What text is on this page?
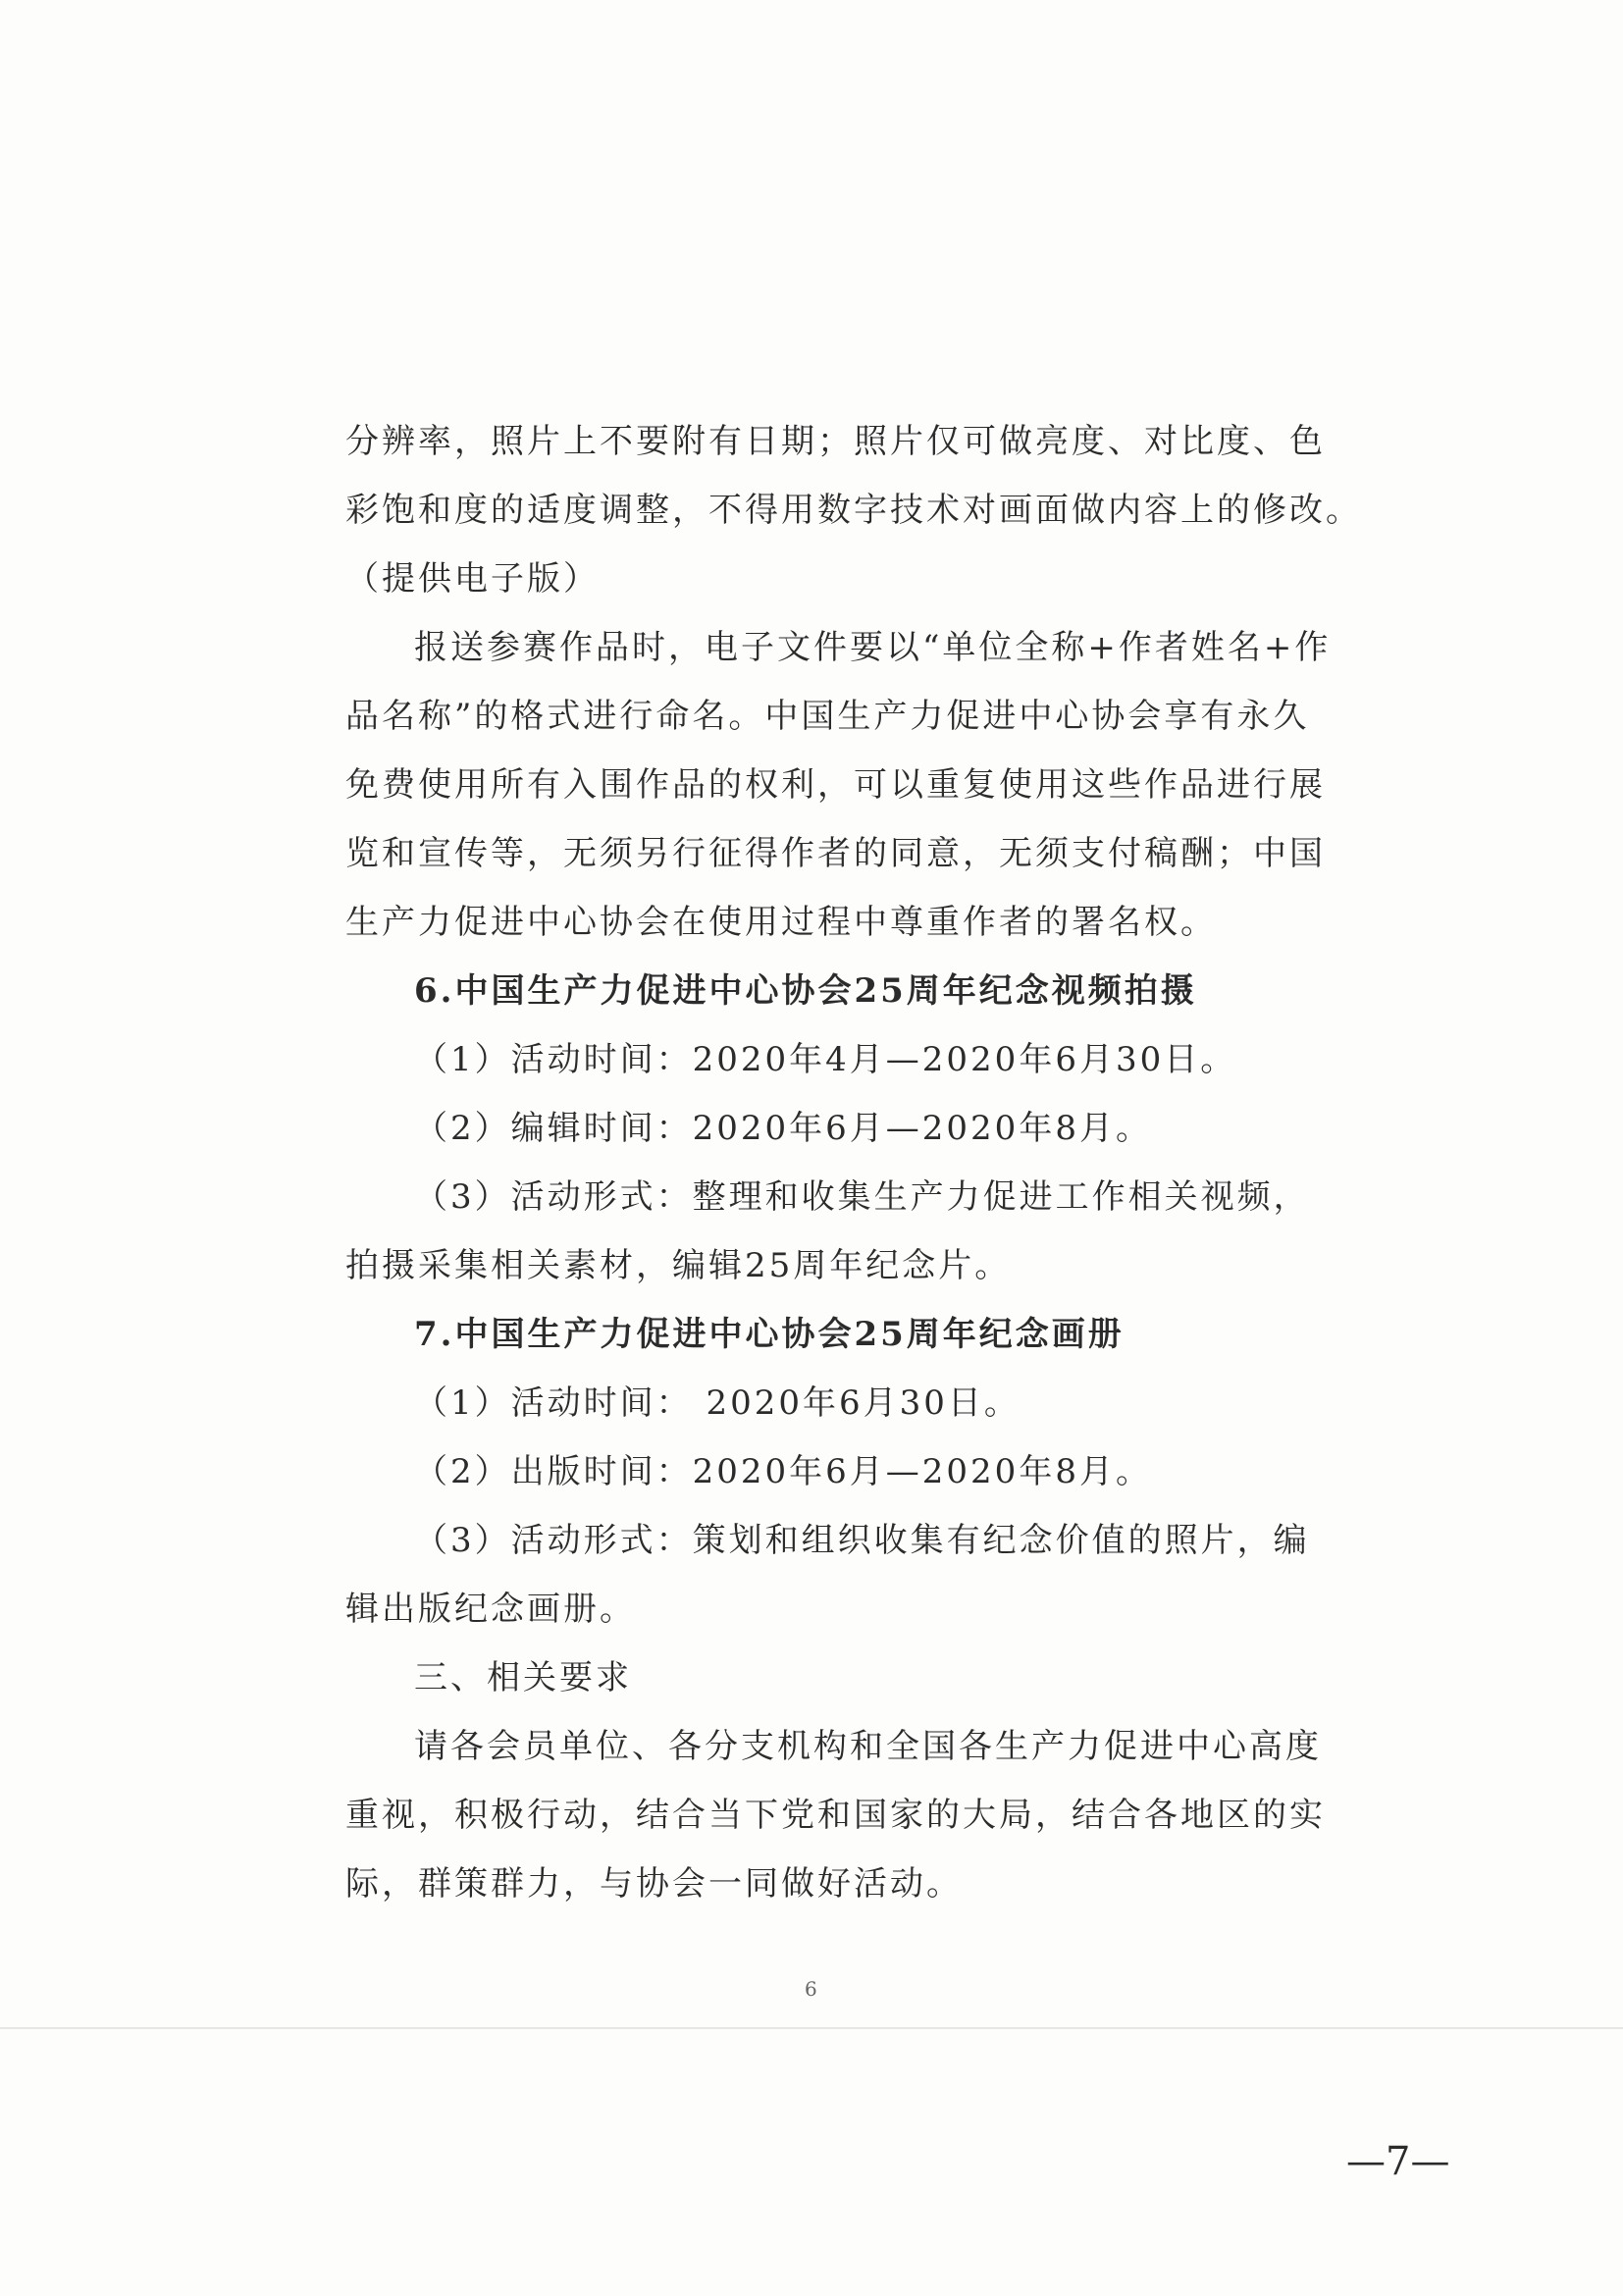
分辨率，照片上不要附有日期；照片仅可做亮度、对比度、色
彩饱和度的适度调整，不得用数字技术对画面做内容上的修改。
（提供电子版）
报送参赛作品时，电子文件要以“单位全称+作者姓名+作
品名称”的格式进行命名。中国生产力促进中心协会享有永久
免费使用所有入围作品的权利，可以重复使用这些作品进行展
览和宣传等，无须另行征得作者的同意，无须支付稿酬；中国
生产力促进中心协会在使用过程中尊重作者的署名权。
6.中国生产力促进中心协会25周年纪念视频拍摄
（1）活动时间：2020年4月—2020年6月30日。
（2）编辑时间：2020年6月—2020年8月。
（3）活动形式：整理和收集生产力促进工作相关视频，
拍摄采集相关素材，编辑25周年纪念片。
7.中国生产力促进中心协会25周年纪念画册
（1）活动时间： 2020年6月30日。
（2）出版时间：2020年6月—2020年8月。
（3）活动形式：策划和组织收集有纪念价值的照片，编
辑出版纪念画册。
三、相关要求
请各会员单位、各分支机构和全国各生产力促进中心高度
重视，积极行动，结合当下党和国家的大局，结合各地区的实
际，群策群力，与协会一同做好活动。
6
—7—
